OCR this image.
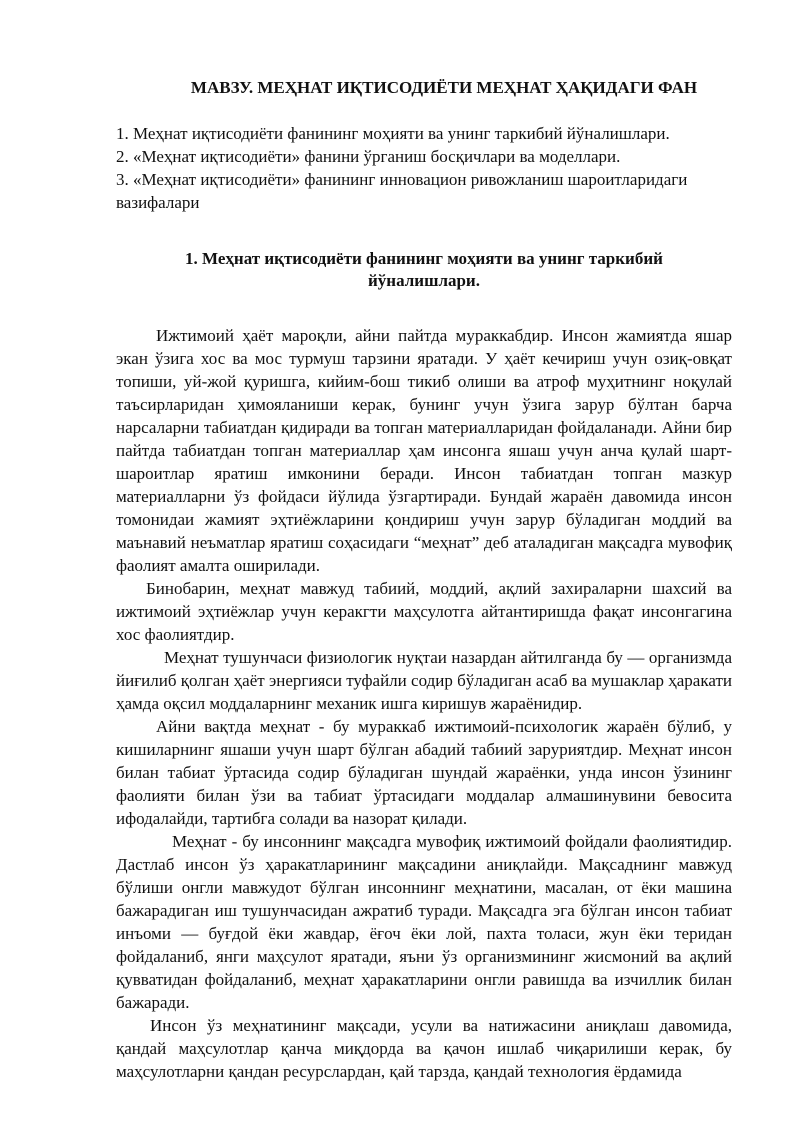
МАВЗУ. МЕҲНАТ ИҚТИСОДИЁТИ МЕҲНАТ ҲАҚИДАГИ ФАН
1. Меҳнат иқтисодиёти фанининг моҳияти ва унинг таркибий йўналишлари.
2. «Меҳнат иқтисодиёти» фанини ўрганиш босқичлари ва моделлари.
3. «Меҳнат иқтисодиёти» фанининг инновацион ривожланиш шароитларидаги вазифалари
1. Меҳнат иқтисодиёти фанининг моҳияти ва унинг таркибий йўналишлари.

Ижтимоий ҳаёт мароқли, айни пайтда мураккабдир. Инсон жамиятда яшар экан ўзига хос ва мос турмуш тарзини яратади. У ҳаёт кечириш учун озиқ-овқат топиши, уй-жой қуришга, кийим-бош тикиб олиши ва атроф муҳитнинг ноқулай таъсирларидан ҳимояланиши керак, бунинг учун ўзига зарур бўлтан барча нарсаларни табиатдан қидиради ва топган материалларидан фойдаланади. Айни бир пайтда табиатдан топган материаллар ҳам инсонга яшаш учун анча қулай шарт-шароитлар яратиш имконини беради. Инсон табиатдан топган мазкур материалларни ўз фойдаси йўлида ўзгартиради. Бундай жараён давомида инсон томонидаи жамият эҳтиёжларини қондириш учун зарур бўладиган моддий ва маънавий неъматлар яратиш соҳасидаги “меҳнат” деб аталадиган мақсадга мувофиқ фаолият амалта оширилади.

Бинобарин, меҳнат мавжуд табиий, моддий, ақлий захираларни шахсий ва ижтимоий эҳтиёжлар учун керакгти маҳсулотга айтантиришда фақат инсонгагина хос фаолиятдир.

Меҳнат тушунчаси физиологик нуқтаи назардан айтилганда бу — организмда йиғилиб қолган ҳаёт энергияси туфайли содир бўладиган асаб ва мушаклар ҳаракати ҳамда оқсил моддаларнинг механик ишга киришув жараёнидир.

Айни вақтда меҳнат - бу мураккаб ижтимоий-психологик жараён бўлиб, у кишиларнинг яшаши учун шарт бўлган абадий табиий заруриятдир. Меҳнат инсон билан табиат ўртасида содир бўладиган шундай жараёнки, унда инсон ўзининг фаолияти билан ўзи ва табиат ўртасидаги моддалар алмашинувини бевосита ифодалайди, тартибга солади ва назорат қилади.

Меҳнат - бу инсоннинг мақсадга мувофиқ ижтимоий фойдали фаолиятидир. Дастлаб инсон ўз ҳаракатларининг мақсадини аниқлайди. Мақсаднинг мавжуд бўлиши онгли мавжудот бўлган инсоннинг меҳнатини, масалан, от ёки машина бажарадиган иш тушунчасидан ажратиб туради. Мақсадга эга бўлган инсон табиат инъоми — буғдой ёки жавдар, ёғоч ёки лой, пахта толаси, жун ёки теридан фойдаланиб, янги маҳсулот яратади, яъни ўз организмининг жисмоний ва ақлий қувватидан фойдаланиб, меҳнат ҳаракатларини онгли равишда ва изчиллик билан бажаради.

Инсон ўз меҳнатининг мақсади, усули ва натижасини аниқлаш давомида, қандай маҳсулотлар қанча миқдорда ва қачон ишлаб чиқарилиши керак, бу маҳсулотларни қандан ресурслардан, қай тарзда, қандай технология ёрдамида
